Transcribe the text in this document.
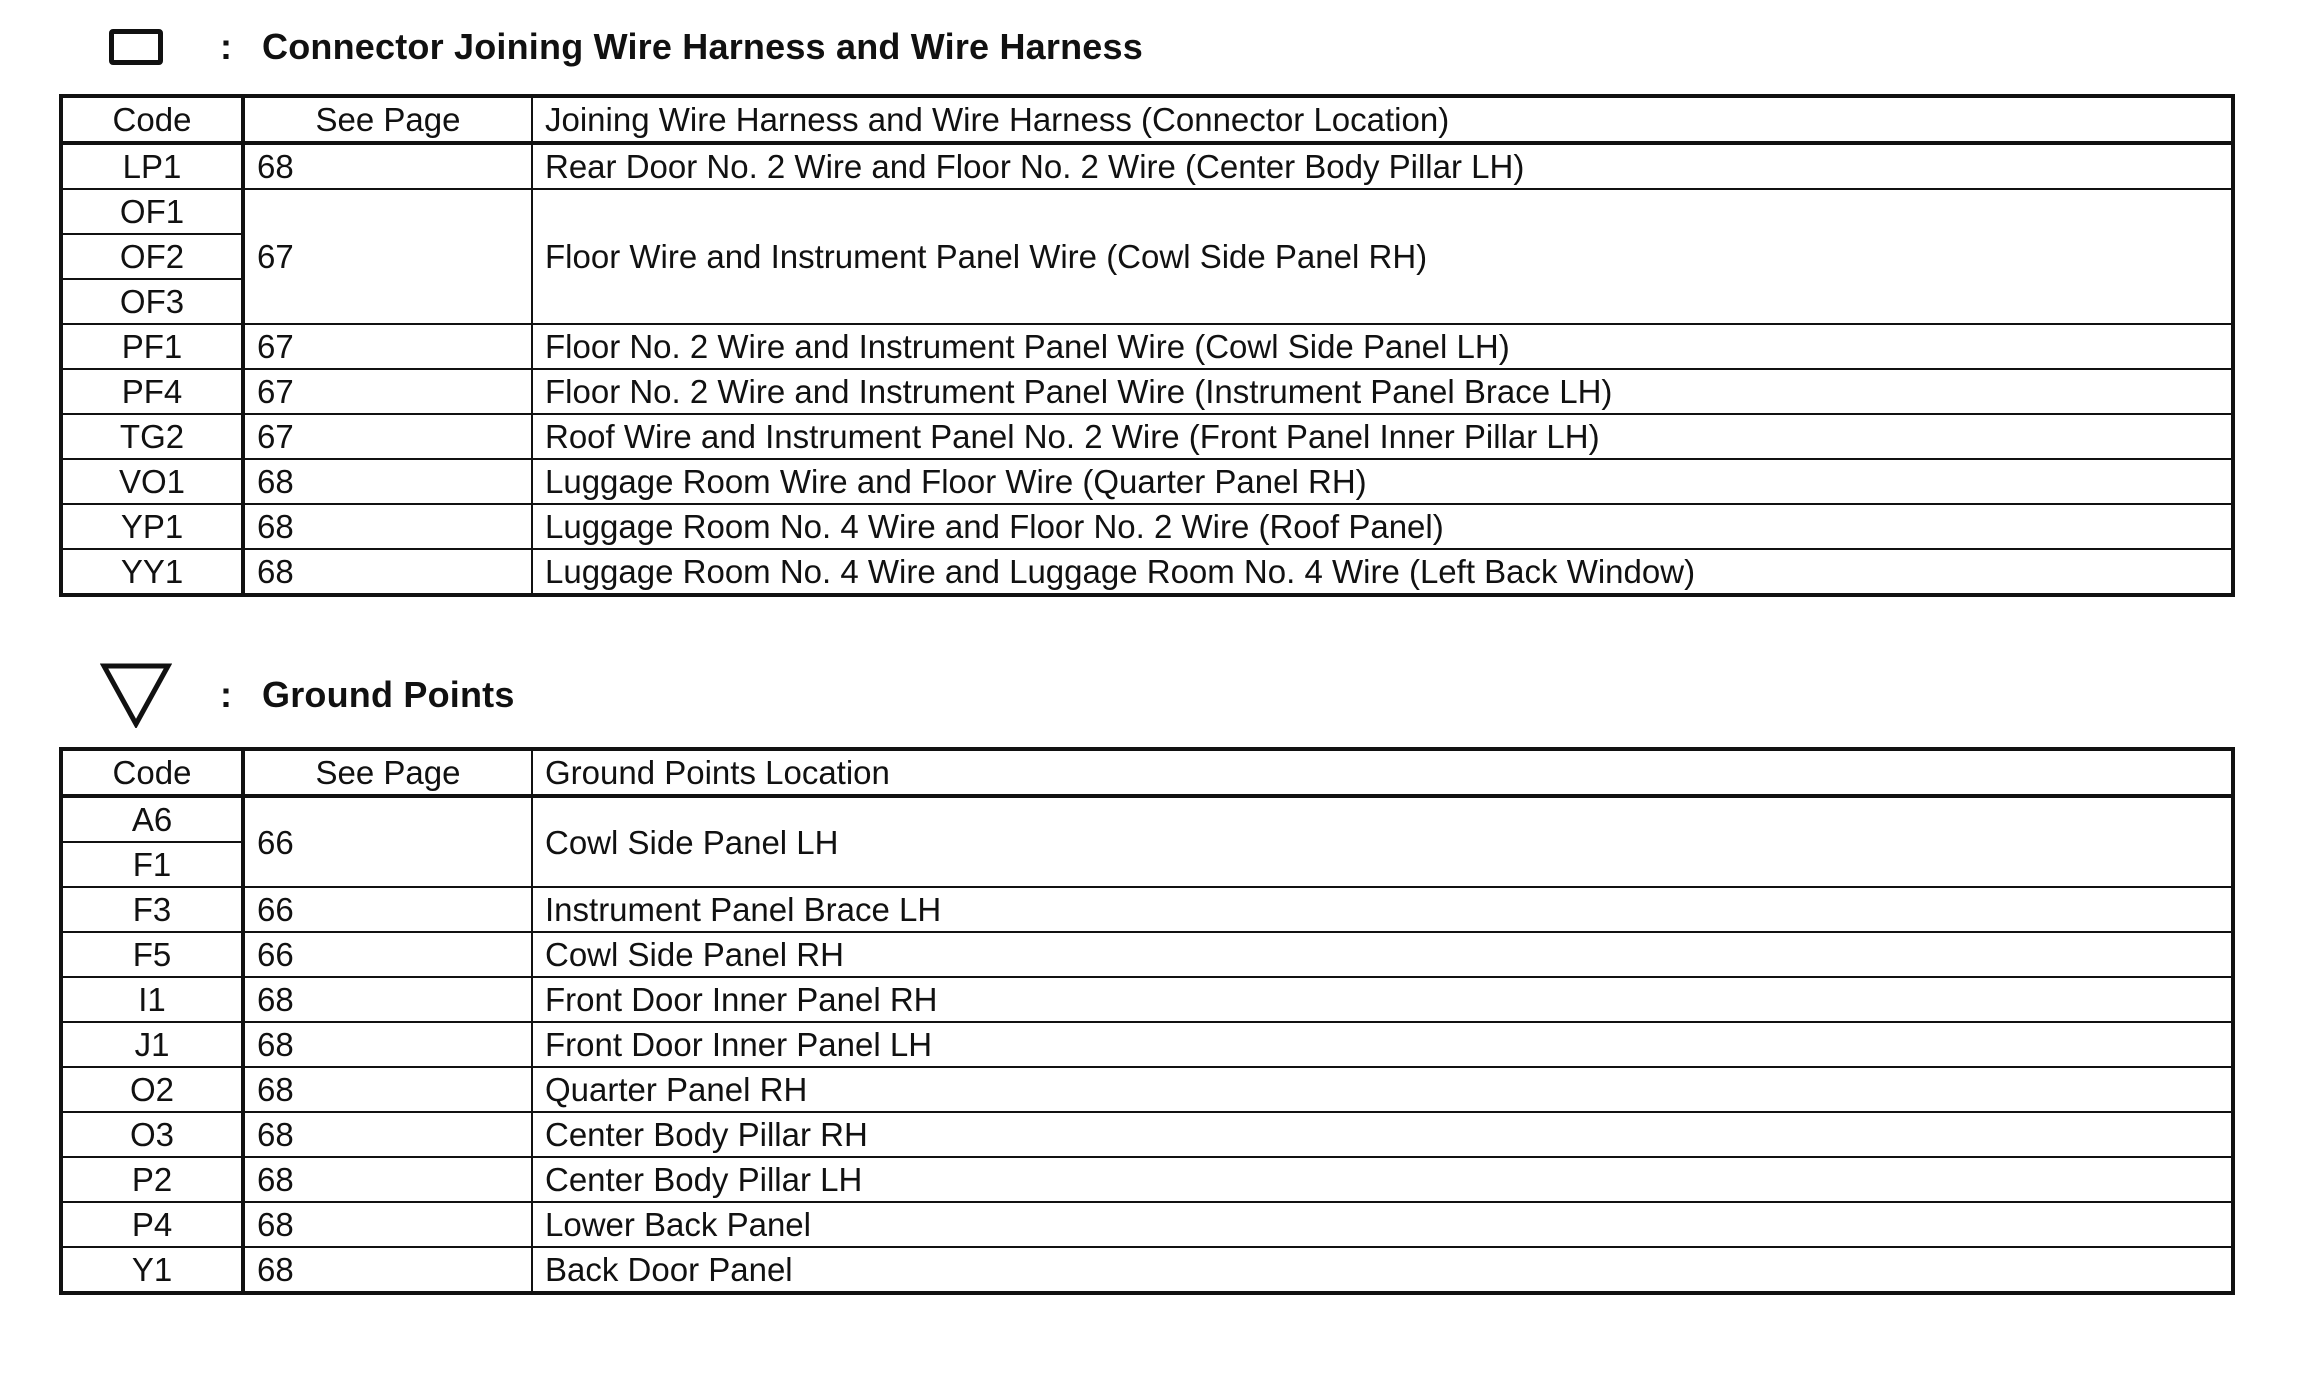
: Connector Joining Wire Harness and Wire Harness
Code	See Page	Joining Wire Harness and Wire Harness (Connector Location)
LP1	68	Rear Door No. 2 Wire and Floor No. 2 Wire (Center Body Pillar LH)
OF1	67	Floor Wire and Instrument Panel Wire (Cowl Side Panel RH)
OF2		
OF3		
PF1	67	Floor No. 2 Wire and Instrument Panel Wire (Cowl Side Panel LH)
PF4	67	Floor No. 2 Wire and Instrument Panel Wire (Instrument Panel Brace LH)
TG2	67	Roof Wire and Instrument Panel No. 2 Wire (Front Panel Inner Pillar LH)
VO1	68	Luggage Room Wire and Floor Wire (Quarter Panel RH)
YP1	68	Luggage Room No. 4 Wire and Floor No. 2 Wire (Roof Panel)
YY1	68	Luggage Room No. 4 Wire and Luggage Room No. 4 Wire (Left Back Window)
: Ground Points
Code	See Page	Ground Points Location
A6	66	Cowl Side Panel LH
F1		
F3	66	Instrument Panel Brace LH
F5	66	Cowl Side Panel RH
I1	68	Front Door Inner Panel RH
J1	68	Front Door Inner Panel LH
O2	68	Quarter Panel RH
O3	68	Center Body Pillar RH
P2	68	Center Body Pillar LH
P4	68	Lower Back Panel
Y1	68	Back Door Panel
